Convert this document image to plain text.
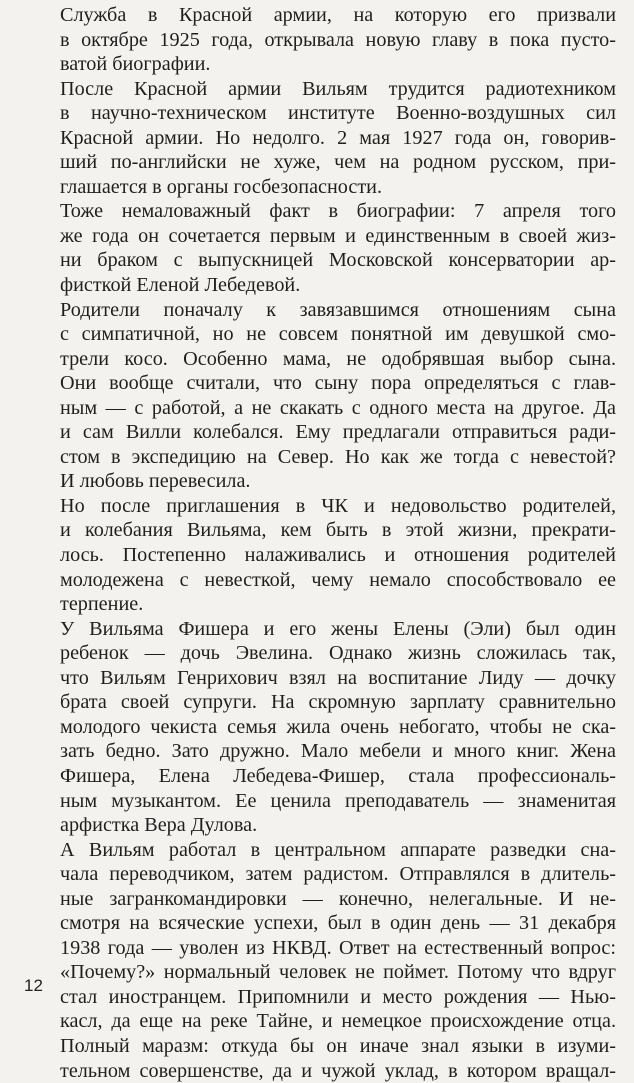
Служба в Красной армии, на которую его призвали
в октябре 1925 года, открывала новую главу в пока пусто-
ватой биографии.

После Красной армии Вильям трудится радиотехником
в научно-техническом институте Военно-воздушных сил
Красной армии. Но недолго. 2 мая 1927 года он, говорив-
ший по-английски не хуже, чем на родном русском, при-
глашается в органы госбезопасности.

Тоже немаловажный факт в биографии: 7 апреля того
же года он сочетается первым и единственным в своей жиз-
ни браком с выпускницей Московской консерватории ар-
фисткой Еленой Лебедевой.

Родители поначалу к завязавшимся отношениям сына
с симпатичной, но не совсем понятной им девушкой смо-
трели косо. Особенно мама, не одобрявшая выбор сына.
Они вообще считали, что сыну пора определяться с глав-
ным — с работой, а не скакать с одного места на другое. Да
и сам Вилли колебался. Ему предлагали отправиться ради-
стом в экспедицию на Север. Но как же тогда с невестой?
И любовь перевесила.

Но после приглашения в ЧК и недовольство родителей,
и колебания Вильяма, кем быть в этой жизни, прекрати-
лось. Постепенно налаживались и отношения родителей
молодежена с невесткой, чему немало способствовало ее
терпение.

У Вильяма Фишера и его жены Елены (Эли) был один
ребенок — дочь Эвелина. Однако жизнь сложилась так,
что Вильям Генрихович взял на воспитание Лиду — дочку
брата своей супруги. На скромную зарплату сравнительно
молодого чекиста семья жила очень небогато, чтобы не ска-
зать бедно. Зато дружно. Мало мебели и много книг. Жена
Фишера, Елена Лебедева-Фишер, стала профессиональ-
ным музыкантом. Ее ценила преподаватель — знаменитая
арфистка Вера Дулова.

А Вильям работал в центральном аппарате разведки сна-
чала переводчиком, затем радистом. Отправлялся в длитель-
ные загранкомандировки — конечно, нелегальные. И не-
смотря на всяческие успехи, был в один день — 31 декабря
1938 года — уволен из НКВД. Ответ на естественный вопрос:
«Почему?» нормальный человек не поймет. Потому что вдруг
стал иностранцем. Припомнили и место рождения — Нью-
касл, да еще на реке Тайне, и немецкое происхождение отца.
Полный маразм: откуда бы он иначе знал языки в изуми-
тельном совершенстве, да и чужой уклад, в котором вращал-

12
